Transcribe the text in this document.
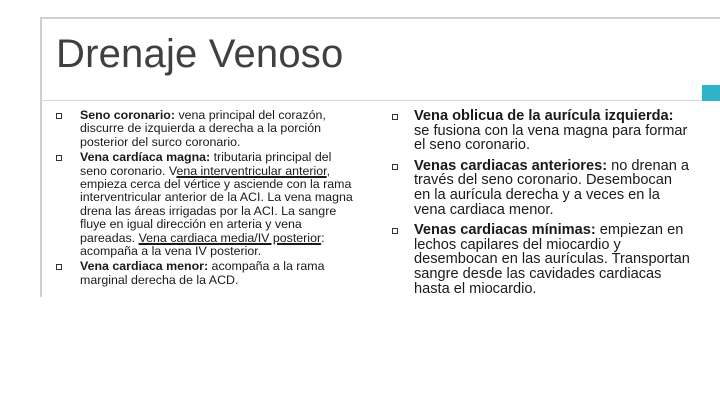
Drenaje Venoso
Seno coronario: vena principal del corazón, discurre de izquierda a derecha a la porción posterior del surco coronario.
Vena cardíaca magna: tributaria principal del seno coronario. Vena interventricular anterior, empieza cerca del vértice y asciende con la rama interventricular anterior de la ACI. La vena magna drena las áreas irrigadas por la ACI. La sangre fluye en igual dirección en arteria y vena pareadas. Vena cardiaca media/IV posterior: acompaña a la vena IV posterior.
Vena cardiaca menor: acompaña a la rama marginal derecha de la ACD.
Vena oblicua de la aurícula izquierda: se fusiona con la vena magna para formar el seno coronario.
Venas cardiacas anteriores: no drenan a través del seno coronario. Desembocan en la aurícula derecha y a veces en la vena cardiaca menor.
Venas cardiacas mínimas: empiezan en lechos capilares del miocardio y desembocan en las aurículas. Transportan sangre desde las cavidades cardiacas hasta el miocardio.
